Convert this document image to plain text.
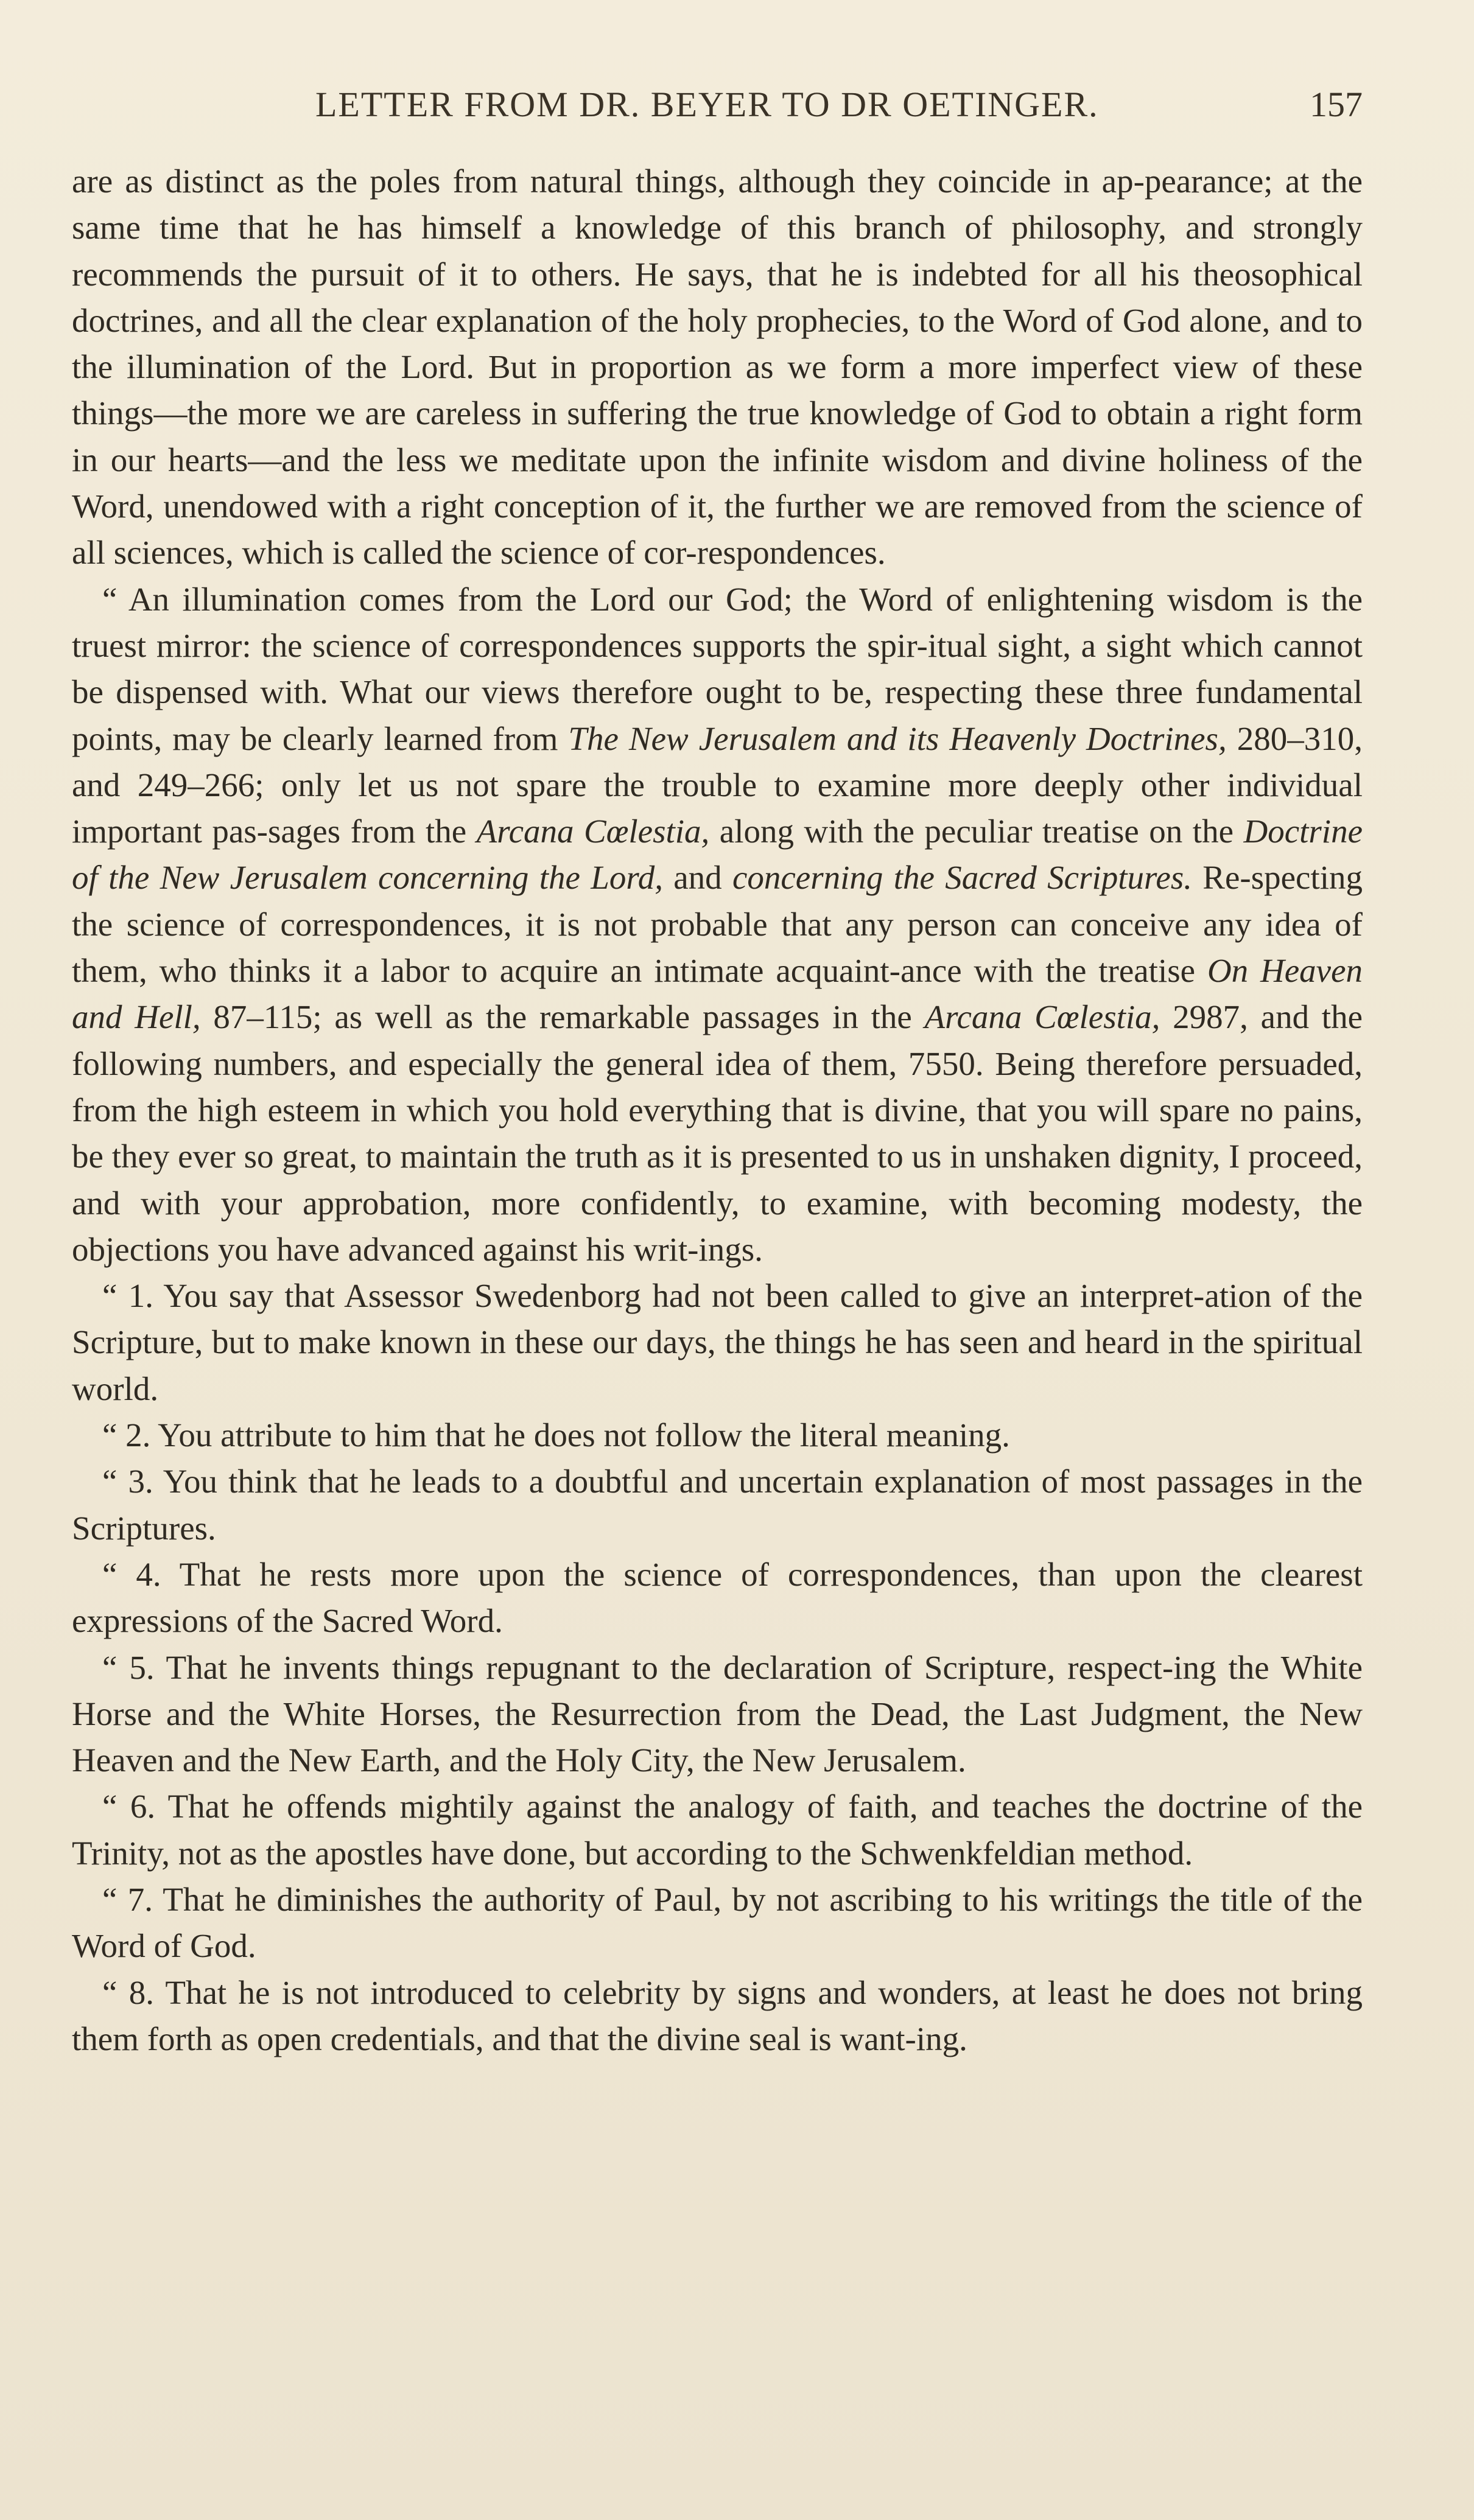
LETTER FROM DR. BEYER TO DR OETINGER.	157

are as distinct as the poles from natural things, although they coincide in ap-pearance; at the same time that he has himself a knowledge of this branch of philosophy, and strongly recommends the pursuit of it to others. He says, that he is indebted for all his theosophical doctrines, and all the clear explanation of the holy prophecies, to the Word of God alone, and to the illumination of the Lord. But in proportion as we form a more imperfect view of these things—the more we are careless in suffering the true knowledge of God to obtain a right form in our hearts—and the less we meditate upon the infinite wisdom and divine holiness of the Word, unendowed with a right conception of it, the further we are removed from the science of all sciences, which is called the science of cor-respondences.

“ An illumination comes from the Lord our God; the Word of enlightening wisdom is the truest mirror: the science of correspondences supports the spir-itual sight, a sight which cannot be dispensed with. What our views therefore ought to be, respecting these three fundamental points, may be clearly learned from The New Jerusalem and its Heavenly Doctrines, 280–310, and 249–266; only let us not spare the trouble to examine more deeply other individual important pas-sages from the Arcana Cœlestia, along with the peculiar treatise on the Doctrine of the New Jerusalem concerning the Lord, and concerning the Sacred Scriptures. Re-specting the science of correspondences, it is not probable that any person can conceive any idea of them, who thinks it a labor to acquire an intimate acquaint-ance with the treatise On Heaven and Hell, 87–115; as well as the remarkable passages in the Arcana Cœlestia, 2987, and the following numbers, and especially the general idea of them, 7550. Being therefore persuaded, from the high esteem in which you hold everything that is divine, that you will spare no pains, be they ever so great, to maintain the truth as it is presented to us in unshaken dignity, I proceed, and with your approbation, more confidently, to examine, with becoming modesty, the objections you have advanced against his writ-ings.

“ 1. You say that Assessor Swedenborg had not been called to give an interpret-ation of the Scripture, but to make known in these our days, the things he has seen and heard in the spiritual world.

“ 2. You attribute to him that he does not follow the literal meaning.

“ 3. You think that he leads to a doubtful and uncertain explanation of most passages in the Scriptures.

“ 4. That he rests more upon the science of correspondences, than upon the clearest expressions of the Sacred Word.

“ 5. That he invents things repugnant to the declaration of Scripture, respect-ing the White Horse and the White Horses, the Resurrection from the Dead, the Last Judgment, the New Heaven and the New Earth, and the Holy City, the New Jerusalem.

“ 6. That he offends mightily against the analogy of faith, and teaches the doctrine of the Trinity, not as the apostles have done, but according to the Schwenkfeldian method.

“ 7. That he diminishes the authority of Paul, by not ascribing to his writings the title of the Word of God.

“ 8. That he is not introduced to celebrity by signs and wonders, at least he does not bring them forth as open credentials, and that the divine seal is want-ing.
